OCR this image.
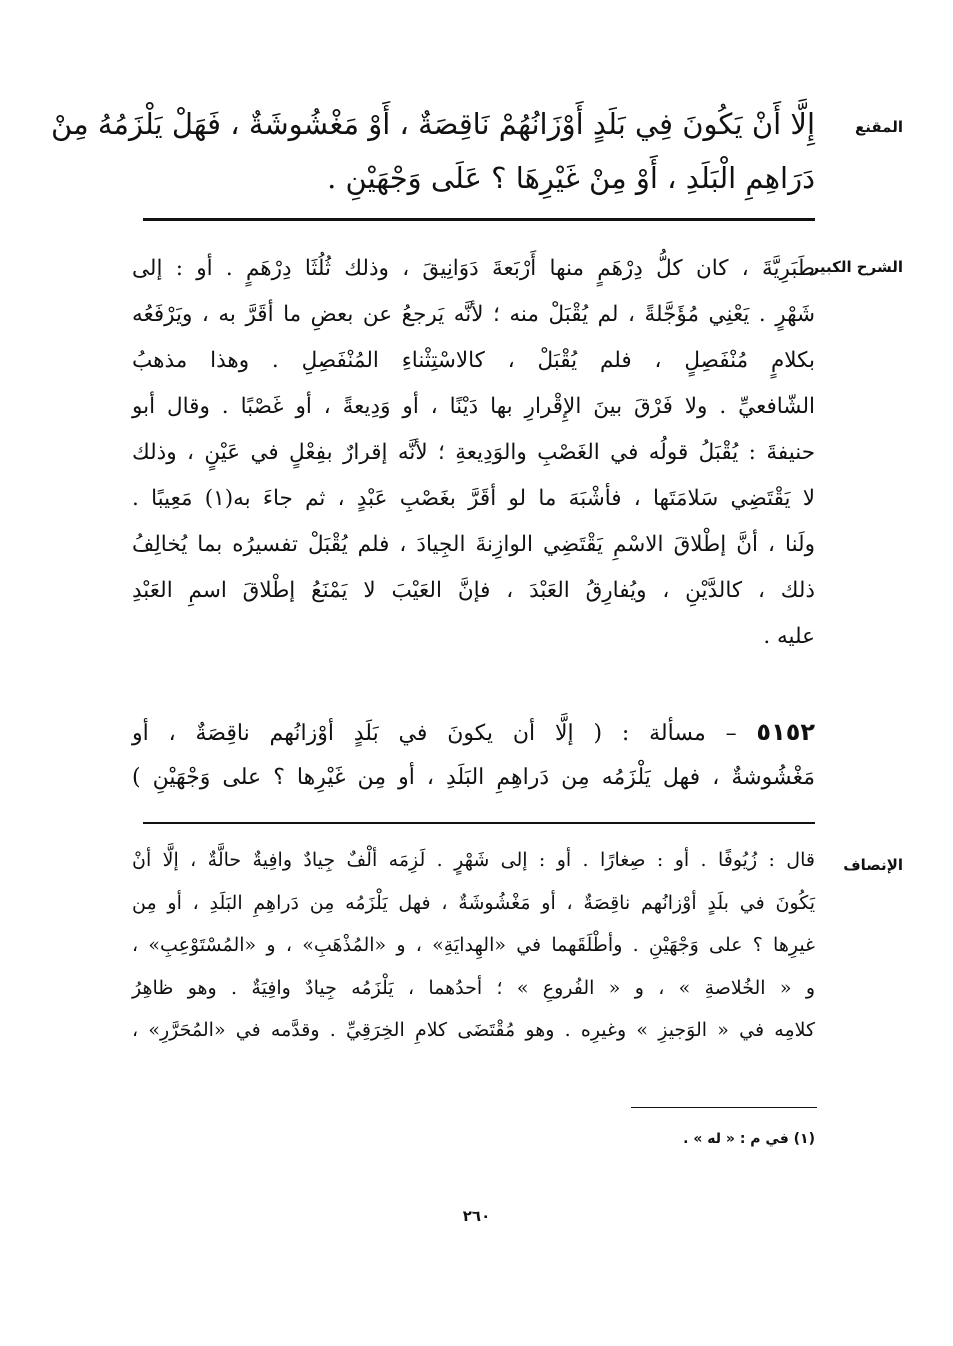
المقنع
إِلَّا أَنْ يَكُونَ فِي بَلَدٍ أَوْزَانُهُمْ نَاقِصَةٌ ، أَوْ مَغْشُوشَةٌ ، فَهَلْ يَلْزَمُهُ مِنْ
دَرَاهِمِ الْبَلَدِ ، أَوْ مِنْ غَيْرِهَا ؟ عَلَى وَجْهَيْنِ .
الشرح الكبير
طَبَرِيَّةَ ، كان كلُّ دِرْهَمٍ منها أَرْبَعةَ دَوَانِيقَ ، وذلك ثُلُثَا دِرْهَمٍ . أو : إلى
شَهْرٍ . يَعْنِي مُؤَجَّلةً ، لم يُقْبَلْ منه ؛ لأنَّه يَرجعُ عن بعضِ ما أقَرَّ به ، ويَرْفَعُه
بكلامٍ مُنْفَصِلٍ ، فلم يُقْبَلْ ، كالاسْتِثْناءِ المُنْفَصِلِ . وهذا مذهبُ
الشّافعيِّ . ولا فَرْقَ بينَ الإِقْرارِ بها دَيْنًا ، أو وَدِيعةً ، أو غَصْبًا . وقال أبو
حنيفةَ : يُقْبَلُ قولُه في الغَصْبِ والوَدِيعةِ ؛ لأنَّه إقرارٌ بفِعْلٍ في عَيْنٍ ، وذلك
لا يَقْتَضِي سَلامَتَها ، فأشْبَهَ ما لو أقَرَّ بغَصْبِ عَبْدٍ ، ثم جاءَ به(١) مَعِيبًا .
ولَنا ، أنَّ إطْلاقَ الاسْمِ يَقْتَضِي الوازِنةَ الجِيادَ ، فلم يُقْبَلْ تفسيرُه بما يُخالِفُ
ذلك ، كالدَّيْنِ ، ويُفارِقُ العَبْدَ ، فإنَّ العَيْبَ لا يَمْنَعُ إطْلاقَ اسمِ العَبْدِ
عليه .
٥١٥٢ – مسألة : ( إلَّا أن يكونَ في بَلَدٍ أوْزانُهم ناقِصَةٌ ، أو
مَغْشُوشةٌ ، فهل يَلْزَمُه مِن دَراهِمِ البَلَدِ ، أو مِن غَيْرِها ؟ على وَجْهَيْنِ )
الإنصاف
قال : زُيُوفًا . أو : صِغارًا . أو : إلى شَهْرٍ . لَزِمَه ألْفٌ جِيادٌ وافِيةٌ حالَّةٌ ، إلَّا أنْ
يَكُونَ في بلَدٍ أوْزانُهم ناقِصَةٌ ، أو مَغْشُوشَةٌ ، فهل يَلْزَمُه مِن دَراهِمِ البَلَدِ ، أو مِن
غيرِها ؟ على وَجْهَيْنِ . وأطْلَقَهما في «الهِدايَةِ» ، و «المُذْهَبِ» ، و «المُسْتَوْعِبِ» ،
و « الخُلاصةِ » ، و « الفُروعِ » ؛ أحدُهما ، يَلْزَمُه جِيادٌ وافِيَةٌ . وهو ظاهِرُ
كلامِه في « الوَجيزِ » وغيرِه . وهو مُقْتَضَى كلامِ الخِرَقِيِّ . وقدَّمه في «المُحَرَّرِ» ،
(١) في م : « له » .
٢٦٠
